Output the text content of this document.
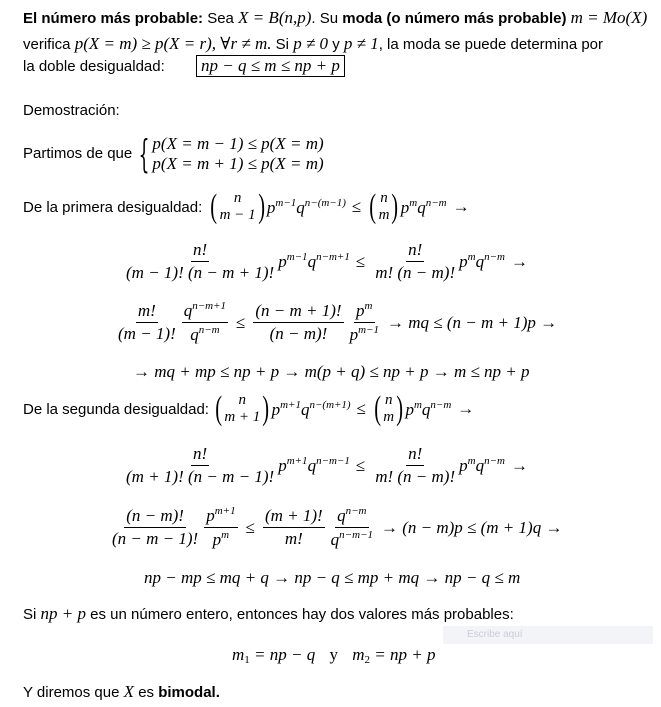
El número más probable: Sea X = B(n,p). Su moda (o número más probable) m = Mo(X)
verifica p(X = m) ≥ p(X = r), ∀r ≠ m. Si p ≠ 0 y p ≠ 1, la moda se puede determina por
la doble desigualdad: np − q ≤ m ≤ np + p
Demostración:
Partimos de que { p(X = m − 1) ≤ p(X = m)
p(X = m + 1) ≤ p(X = m)
De la primera desigualdad: ( n
m − 1 ) $p^{m-1}q^{n-(m-1)}$ ≤ ( n
m ) $p^mq^{n-m}$ →
$\frac{n!}{(m - 1)! (n - m + 1)!} p^{m-1}q^{n-m+1} \le \frac{n!}{m! (n - m)!} p^mq^{n-m}$ →
$\frac{m!}{(m - 1)!} \frac{q^{n-m+1}}{q^{n-m}} \le \frac{(n - m + 1)!}{(n - m)!} \frac{p^m}{p^{m-1}}$ → mq ≤ (n − m + 1)p →
→ mq + mp ≤ np + p → m(p + q) ≤ np + p → m ≤ np + p
De la segunda desigualdad: ( n
m + 1 ) $p^{m+1}q^{n-(m+1)}$ ≤ ( n
m ) $p^mq^{n-m}$ →
$\frac{n!}{(m + 1)! (n - m - 1)!} p^{m+1}q^{n-m-1} \le \frac{n!}{m! (n - m)!} p^mq^{n-m}$ →
$\frac{(n - m)!}{(n - m - 1)!} \frac{p^{m+1}}{p^m} \le \frac{(m + 1)!}{m!} \frac{q^{n-m}}{q^{n-m-1}} \to (n - m)p \le (m + 1)q$ →
np − mp ≤ mq + q → np − q ≤ mp + mq → np − q ≤ m
Si np + p es un número entero, entonces hay dos valores más probables:
Escribe aquí
$m_1$ = np − q y $m_2$ = np + p
Y diremos que X es bimodal.
